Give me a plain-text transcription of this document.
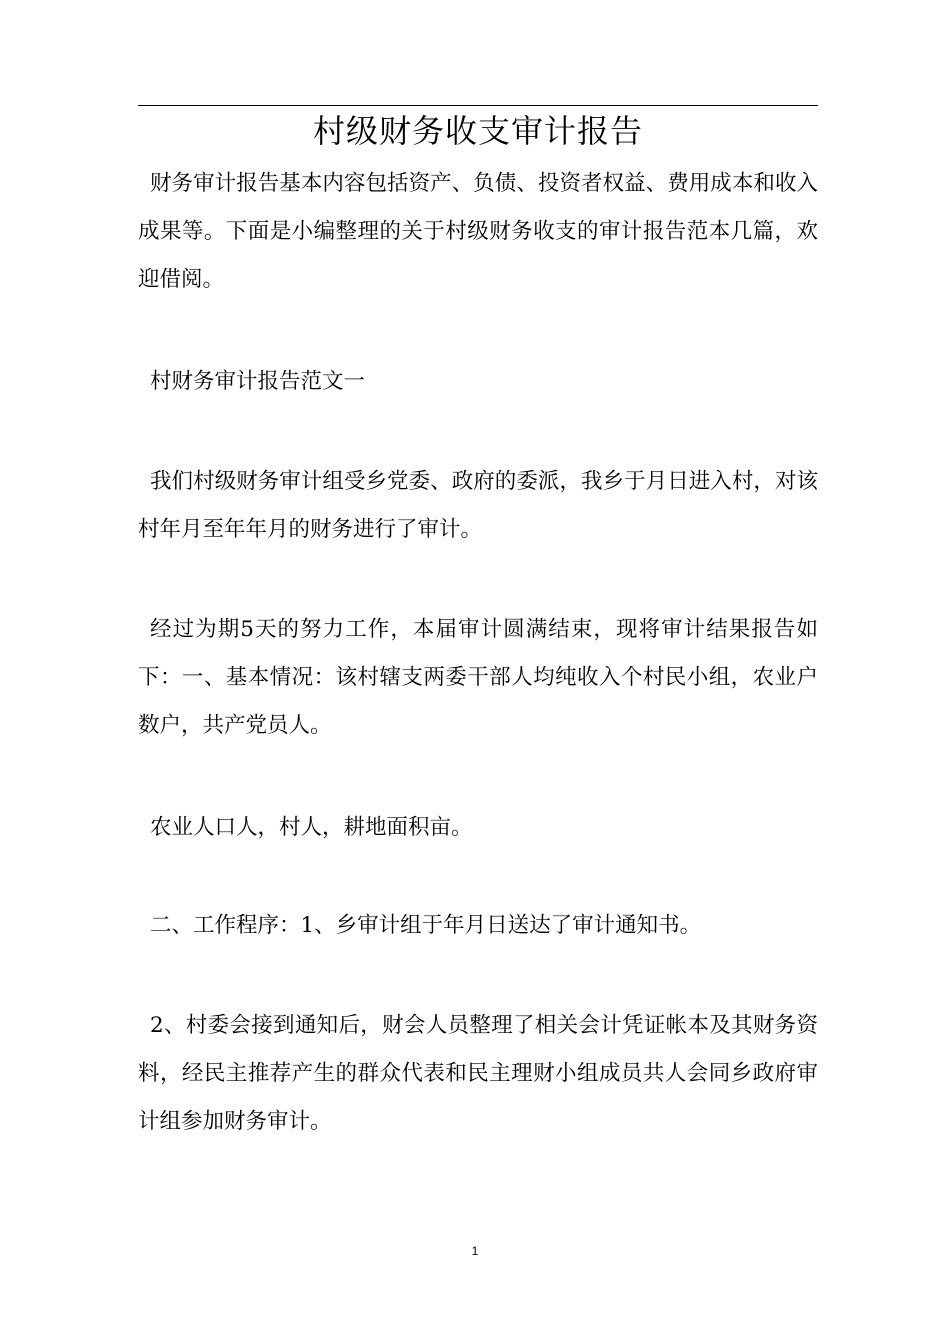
村级财务收支审计报告
财务审计报告基本内容包括资产、负债、投资者权益、费用成本和收入成果等。下面是小编整理的关于村级财务收支的审计报告范本几篇，欢迎借阅。
村财务审计报告范文一
我们村级财务审计组受乡党委、政府的委派，我乡于月日进入村，对该村年月至年年月的财务进行了审计。
经过为期5天的努力工作，本届审计圆满结束，现将审计结果报告如下：一、基本情况：该村辖支两委干部人均纯收入个村民小组，农业户数户，共产党员人。
农业人口人，村人，耕地面积亩。
二、工作程序：1、乡审计组于年月日送达了审计通知书。
2、村委会接到通知后，财会人员整理了相关会计凭证帐本及其财务资料，经民主推荐产生的群众代表和民主理财小组成员共人会同乡政府审计组参加财务审计。
1
